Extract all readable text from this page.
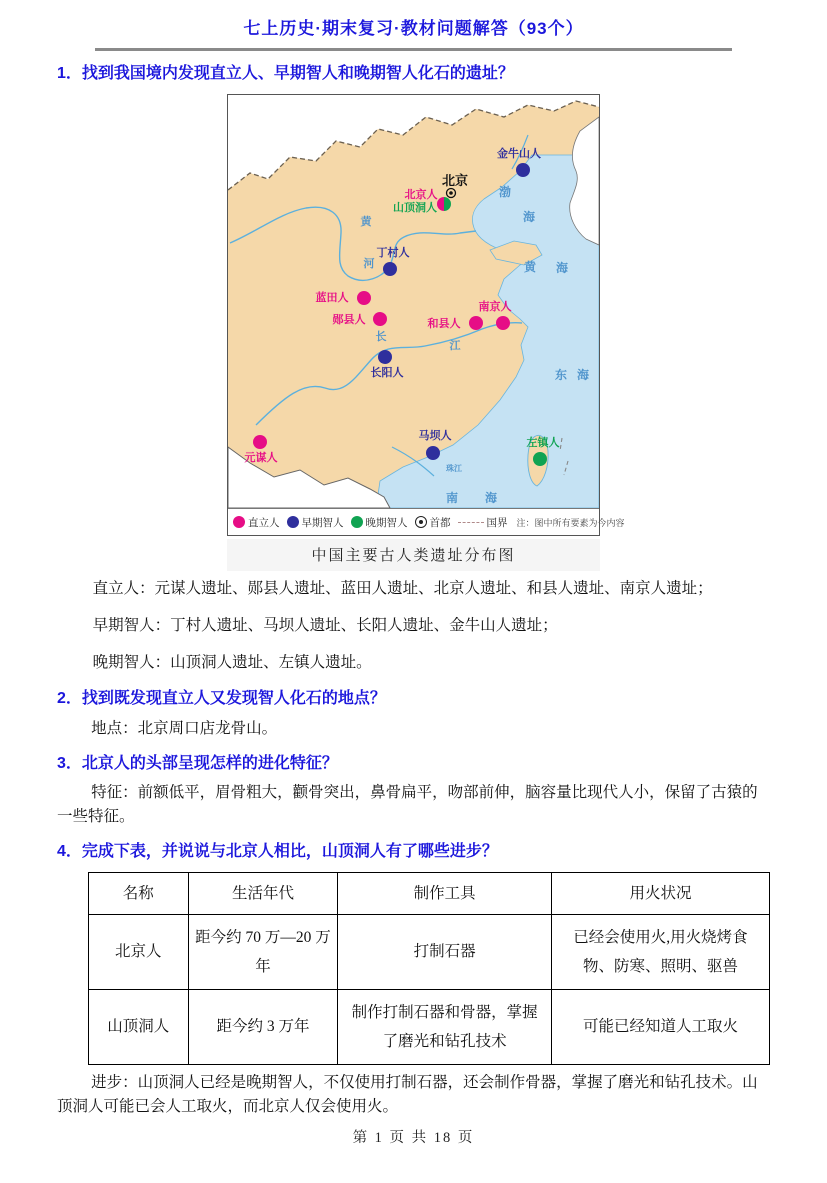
七上历史·期末复习·教材问题解答（93个）
1．找到我国境内发现直立人、早期智人和晚期智人化石的遗址？
金牛山人
北京人
山顶洞人
丁村人
蓝田人
郧县人	和县人
南京人
长阳人
元谋人
马坝人
左镇人
北京
渤
海
黄 海
东 海
南 海
黄
河
长
江
珠江
直立人 早期智人 晚期智人 首都	国界 注：图中所有要素为今内容
中国主要古人类遗址分布图

直立人：元谋人遗址、郧县人遗址、蓝田人遗址、北京人遗址、和县人遗址、南京人遗址；

早期智人：丁村人遗址、马坝人遗址、长阳人遗址、金牛山人遗址；

晚期智人：山顶洞人遗址、左镇人遗址。

2．找到既发现直立人又发现智人化石的地点？

地点：北京周口店龙骨山。

3．北京人的头部呈现怎样的进化特征？

特征：前额低平，眉骨粗大，颧骨突出，鼻骨扁平，吻部前伸，脑容量比现代人小，保留了古猿的一些特征。

4．完成下表，并说说与北京人相比，山顶洞人有了哪些进步？
名称	生活年代	制作工具	用火状况
北京人	距今约 70 万—20 万年	打制石器	已经会使用火,用火烧烤食物、防寒、照明、驱兽
山顶洞人	距今约 3 万年	制作打制石器和骨器，掌握了磨光和钻孔技术	可能已经知道人工取火

进步：山顶洞人已经是晚期智人，不仅使用打制石器，还会制作骨器，掌握了磨光和钻孔技术。山顶洞人可能已会人工取火，而北京人仅会使用火。

第 1 页 共 18 页
